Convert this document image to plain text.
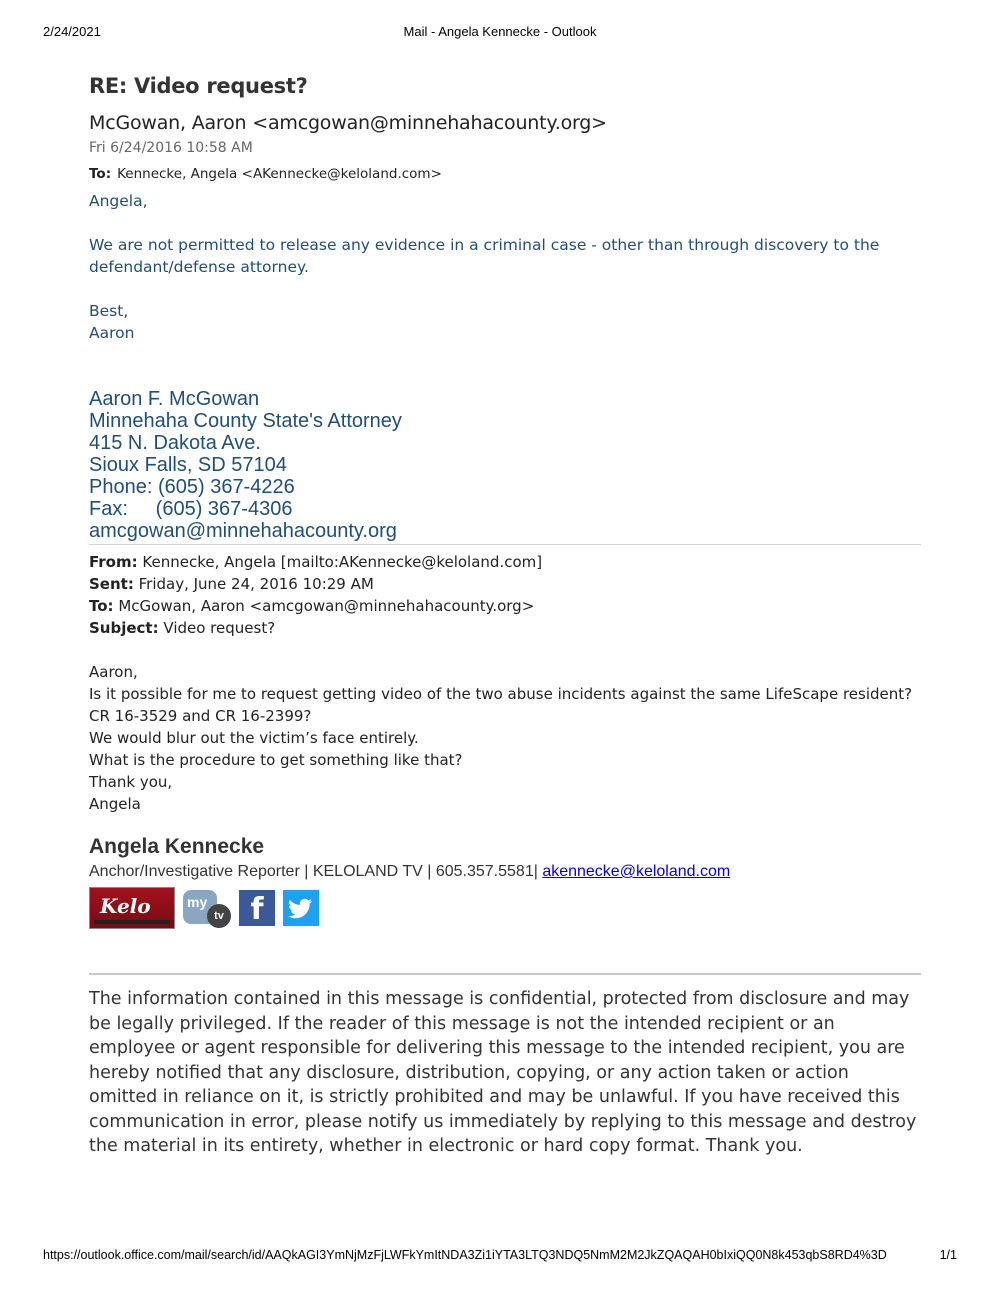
2/24/2021	Mail - Angela Kennecke - Outlook
RE: Video request?
McGowan, Aaron <amcgowan@minnehahacounty.org>
Fri 6/24/2016 10:58 AM
To: Kennecke, Angela <AKennecke@keloland.com>

Angela,

We are not permitted to release any evidence in a criminal case - other than through discovery to the defendant/defense attorney.

Best,

Aaron

Aaron F. McGowan
Minnehaha County State's Attorney
415 N. Dakota Ave.
Sioux Falls, SD 57104
Phone: (605) 367-4226
Fax:     (605) 367-4306
amcgowan@minnehahacounty.org

From: Kennecke, Angela [mailto:AKennecke@keloland.com]

Sent: Friday, June 24, 2016 10:29 AM

To: McGowan, Aaron <amcgowan@minnehahacounty.org>

Subject: Video request?

Aaron,

Is it possible for me to request getting video of the two abuse incidents against the same LifeScape resident? CR 16-3529 and CR 16-2399?

We would blur out the victim’s face entirely.

What is the procedure to get something like that?

Thank you,

Angela

Angela Kennecke
Anchor/Investigative Reporter | KELOLAND TV | 605.357.5581| akennecke@keloland.com
Kelo	my
tv f

The information contained in this message is confidential, protected from disclosure and may be legally privileged. If the reader of this message is not the intended recipient or an employee or agent responsible for delivering this message to the intended recipient, you are hereby notified that any disclosure, distribution, copying, or any action taken or action omitted in reliance on it, is strictly prohibited and may be unlawful. If you have received this communication in error, please notify us immediately by replying to this message and destroy the material in its entirety, whether in electronic or hard copy format. Thank you.

https://outlook.office.com/mail/search/id/AAQkAGI3YmNjMzFjLWFkYmItNDA3Zi1iYTA3LTQ3NDQ5NmM2M2JkZQAQAH0bIxiQQ0N8k453qbS8RD4%3D	1/1
